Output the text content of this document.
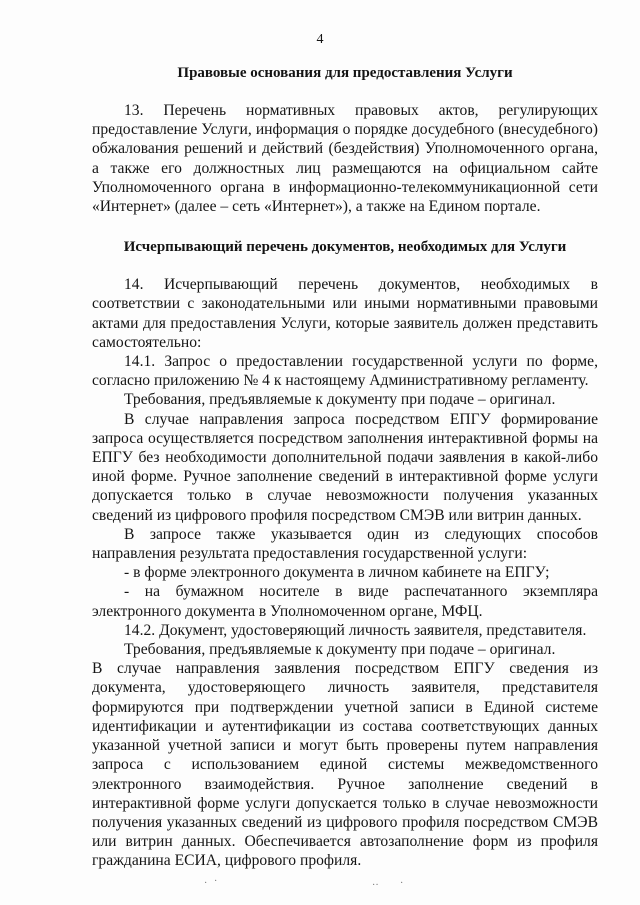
4
Правовые основания для предоставления Услуги

13. Перечень нормативных правовых актов, регулирующих предоставление Услуги, информация о порядке досудебного (внесудебного) обжалования решений и действий (бездействия) Уполномоченного органа, а также его должностных лиц размещаются на официальном сайте Уполномоченного органа в информационно-телекоммуникационной сети «Интернет» (далее – сеть «Интернет»), а также на Едином портале.

Исчерпывающий перечень документов, необходимых для Услуги

14. Исчерпывающий перечень документов, необходимых в соответствии с законодательными или иными нормативными правовыми актами для предоставления Услуги, которые заявитель должен представить самостоятельно:

14.1. Запрос о предоставлении государственной услуги по форме, согласно приложению № 4 к настоящему Административному регламенту.

Требования, предъявляемые к документу при подаче – оригинал.

В случае направления запроса посредством ЕПГУ формирование запроса осуществляется посредством заполнения интерактивной формы на ЕПГУ без необходимости дополнительной подачи заявления в какой-либо иной форме. Ручное заполнение сведений в интерактивной форме услуги допускается только в случае невозможности получения указанных сведений из цифрового профиля посредством СМЭВ или витрин данных.

В запросе также указывается один из следующих способов направления результата предоставления государственной услуги:

- в форме электронного документа в личном кабинете на ЕПГУ;

- на бумажном носителе в виде распечатанного экземпляра электронного документа в Уполномоченном органе, МФЦ.

14.2. Документ, удостоверяющий личность заявителя, представителя.

Требования, предъявляемые к документу при подаче – оригинал.

В случае направления заявления посредством ЕПГУ сведения из документа, удостоверяющего личность заявителя, представителя формируются при подтверждении учетной записи в Единой системе идентификации и аутентификации из состава соответствующих данных указанной учетной записи и могут быть проверены путем направления запроса с использованием единой системы межведомственного электронного взаимодействия. Ручное заполнение сведений в интерактивной форме услуги допускается только в случае невозможности получения указанных сведений из цифрового профиля посредством СМЭВ или витрин данных. Обеспечивается автозаполнение форм из профиля гражданина ЕСИА, цифрового профиля.

· ·	·· ·
